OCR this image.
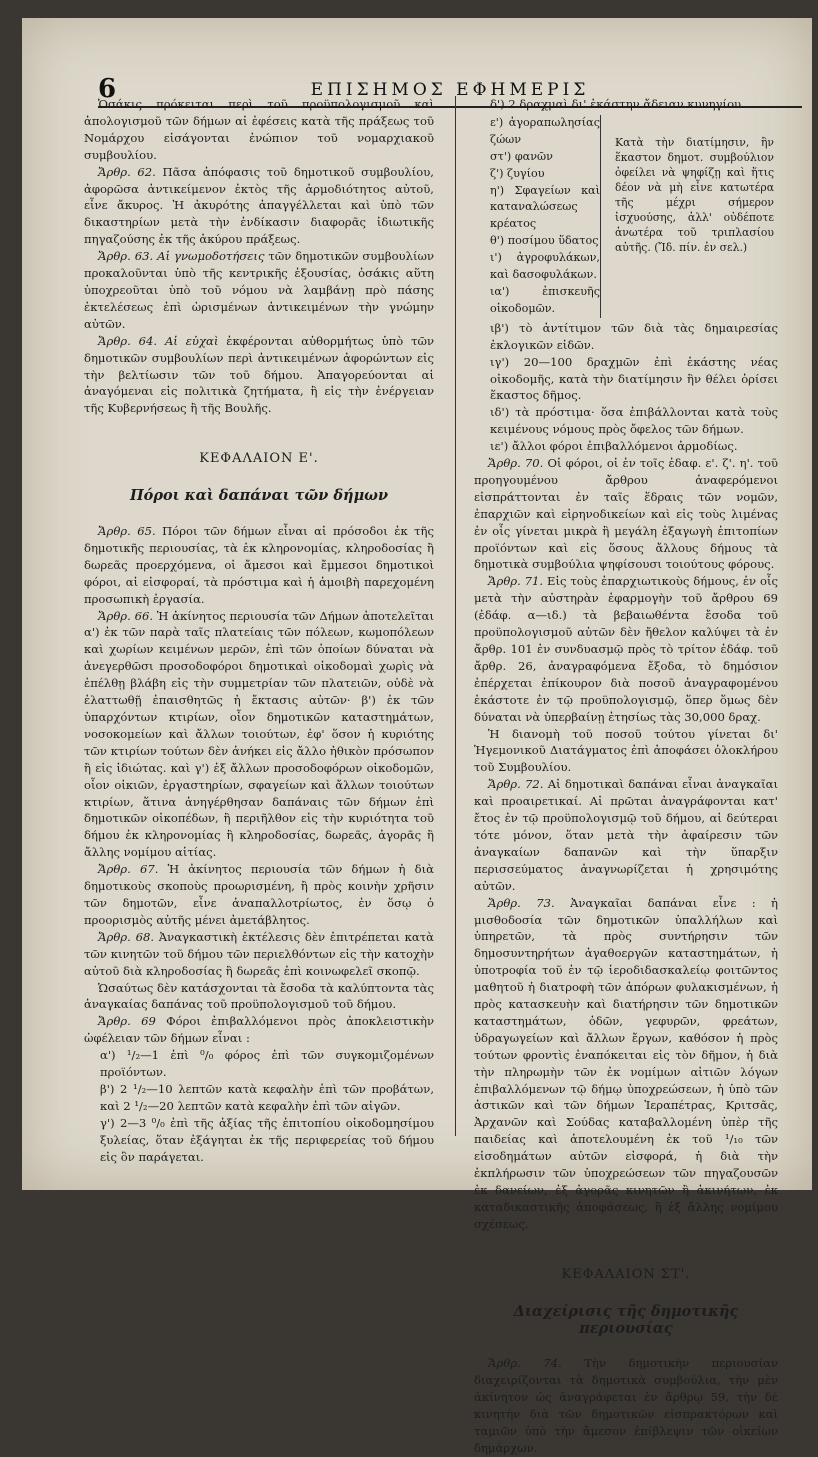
6	ΕΠΙΣΗΜΟΣ ΕΦΗΜΕΡΙΣ

Ὁσάκις πρόκειται περὶ τοῦ προϋπολογισμοῦ καὶ ἀπολογισμοῦ τῶν δήμων αἱ ἐφέσεις κατὰ τῆς πράξεως τοῦ Νομάρχου εἰσάγονται ἐνώπιον τοῦ νομαρχιακοῦ συμβουλίου.

Ἄρθρ. 62. Πᾶσα ἀπόφασις τοῦ δημοτικοῦ συμβουλίου, ἀφορῶσα ἀντικείμενον ἐκτὸς τῆς ἁρμοδιότητος αὐτοῦ, εἶνε ἄκυρος. Ἡ ἀκυρότης ἀπαγγέλλεται καὶ ὑπὸ τῶν δικαστηρίων μετὰ τὴν ἐνδίκασιν διαφορᾶς ἰδιωτικῆς πηγαζούσης ἐκ τῆς ἀκύρου πράξεως.

Ἄρθρ. 63. Αἱ γνωμοδοτήσεις τῶν δημοτικῶν συμβουλίων προκαλοῦνται ὑπὸ τῆς κεντρικῆς ἐξουσίας, ὁσάκις αὕτη ὑποχρεοῦται ὑπὸ τοῦ νόμου νὰ λαμβάνῃ πρὸ πάσης ἐκτελέσεως ἐπὶ ὡρισμένων ἀντικειμένων τὴν γνώμην αὐτῶν.

Ἄρθρ. 64. Αἱ εὐχαὶ ἐκφέρονται αὐθορμήτως ὑπὸ τῶν δημοτικῶν συμβουλίων περὶ ἀντικειμένων ἀφορώντων εἰς τὴν βελτίωσιν τῶν τοῦ δήμου. Ἀπαγορεύονται αἱ ἀναγόμεναι εἰς πολιτικὰ ζητήματα, ἢ εἰς τὴν ἐνέργειαν τῆς Κυβερνήσεως ἢ τῆς Βουλῆς.

ΚΕΦΑΛΑΙΟΝ Ε'.

Πόροι καὶ δαπάναι τῶν δήμων

Ἄρθρ. 65. Πόροι τῶν δήμων εἶναι αἱ πρόσοδοι ἐκ τῆς δημοτικῆς περιουσίας, τὰ ἐκ κληρονομίας, κληροδοσίας ἢ δωρεᾶς προερχόμενα, οἱ ἄμεσοι καὶ ἔμμεσοι δημοτικοὶ φόροι, αἱ εἰσφοραί, τὰ πρόστιμα καὶ ἡ ἀμοιβὴ παρεχομένη προσωπικὴ ἐργασία.

Ἄρθρ. 66. Ἡ ἀκίνητος περιουσία τῶν Δήμων ἀποτελεῖται α') ἐκ τῶν παρὰ ταῖς πλατείαις τῶν πόλεων, κωμοπόλεων καὶ χωρίων κειμένων μερῶν, ἐπὶ τῶν ὁποίων δύναται νὰ ἀνεγερθῶσι προσοδοφόροι δημοτικαὶ οἰκοδομαὶ χωρὶς νὰ ἐπέλθῃ βλάβη εἰς τὴν συμμετρίαν τῶν πλατειῶν, οὐδὲ νὰ ἐλαττωθῇ ἐπαισθητῶς ἡ ἔκτασις αὐτῶν· β') ἐκ τῶν ὑπαρχόντων κτιρίων, οἷον δημοτικῶν καταστημάτων, νοσοκομείων καὶ ἄλλων τοιούτων, ἐφ' ὅσον ἡ κυριότης τῶν κτιρίων τούτων δὲν ἀνήκει εἰς ἄλλο ἠθικὸν πρόσωπον ἢ εἰς ἰδιώτας. καὶ γ') ἐξ ἄλλων προσοδοφόρων οἰκοδομῶν, οἷον οἰκιῶν, ἐργαστηρίων, σφαγείων καὶ ἄλλων τοιούτων κτιρίων, ἅτινα ἀνηγέρθησαν δαπάναις τῶν δήμων ἐπὶ δημοτικῶν οἰκοπέδων, ἢ περιῆλθον εἰς τὴν κυριότητα τοῦ δήμου ἐκ κληρονομίας ἢ κληροδοσίας, δωρεᾶς, ἀγορᾶς ἢ ἄλλης νομίμου αἰτίας.

Ἄρθρ. 67. Ἡ ἀκίνητος περιουσία τῶν δήμων ἡ διὰ δημοτικοὺς σκοποὺς προωρισμένη, ἢ πρὸς κοινὴν χρῆσιν τῶν δημοτῶν, εἶνε ἀναπαλλοτρίωτος, ἐν ὅσῳ ὁ προορισμὸς αὐτῆς μένει ἀμετάβλητος.

Ἄρθρ. 68. Ἀναγκαστικὴ ἐκτέλεσις δὲν ἐπιτρέπεται κατὰ τῶν κινητῶν τοῦ δήμου τῶν περιελθόντων εἰς τὴν κατοχὴν αὐτοῦ διὰ κληροδοσίας ἢ δωρεᾶς ἐπὶ κοινωφελεῖ σκοπῷ.

Ὡσαύτως δὲν κατάσχονται τὰ ἔσοδα τὰ καλύπτοντα τὰς ἀναγκαίας δαπάνας τοῦ προϋπολογισμοῦ τοῦ δήμου.

Ἄρθρ. 69 Φόροι ἐπιβαλλόμενοι πρὸς ἀποκλειστικὴν ὠφέλειαν τῶν δήμων εἶναι :

α') ¹/₂—1 ἐπὶ ⁰/₀ φόρος ἐπὶ τῶν συγκομιζομένων προϊόντων.

β') 2 ¹/₂—10 λεπτῶν κατὰ κεφαλὴν ἐπὶ τῶν προβάτων, καὶ 2 ¹/₂—20 λεπτῶν κατὰ κεφαλὴν ἐπὶ τῶν αἰγῶν.

γ') 2—3 ⁰/₀ ἐπὶ τῆς ἀξίας τῆς ἐπιτοπίου οἰκοδομησίμου ξυλείας, ὅταν ἐξάγηται ἐκ τῆς περιφερείας τοῦ δήμου εἰς ὃν παράγεται.

δ') 2 δραχμαὶ δι' ἑκάστην ἄδειαν κυνηγίου.

ε') ἀγοραπωλησίας ζώων

στ') φανῶν

ζ') ζυγίου

η') Σφαγείων καὶ καταναλώσεως κρέατος

θ') ποσίμου ὕδατος

ι') ἀγροφυλάκων, καὶ δασοφυλάκων.

ια') ἐπισκευῆς οἰκοδομῶν.

Κατὰ τὴν διατίμησιν, ἣν ἕκαστον δημοτ. συμβούλιον ὀφείλει νὰ ψηφίζῃ καὶ ἥτις δέον νὰ μὴ εἶνε κατωτέρα τῆς μέχρι σήμερον ἰσχυούσης, ἀλλ' οὐδέποτε ἀνωτέρα τοῦ τριπλασίου αὐτῆς. (Ἴδ. πίν. ἐν σελ.)

ιβ') τὸ ἀντίτιμον τῶν διὰ τὰς δημαιρεσίας ἐκλογικῶν εἰδῶν.

ιγ') 20—100 δραχμῶν ἐπὶ ἑκάστης νέας οἰκοδομῆς, κατὰ τὴν διατίμησιν ἣν θέλει ὁρίσει ἕκαστος δῆμος.

ιδ') τὰ πρόστιμα· ὅσα ἐπιβάλλονται κατὰ τοὺς κειμένους νόμους πρὸς ὄφελος τῶν δήμων.

ιε') ἄλλοι φόροι ἐπιβαλλόμενοι ἁρμοδίως.

Ἄρθρ. 70. Οἱ φόροι, οἱ ἐν τοῖς ἐδαφ. ε'. ζ'. η'. τοῦ προηγουμένου ἄρθρου ἀναφερόμενοι εἰσπράττονται ἐν ταῖς ἕδραις τῶν νομῶν, ἐπαρχιῶν καὶ εἰρηνοδικείων καὶ εἰς τοὺς λιμένας ἐν οἷς γίνεται μικρὰ ἢ μεγάλη ἐξαγωγὴ ἐπιτοπίων προϊόντων καὶ εἰς ὅσους ἄλλους δήμους τὰ δημοτικὰ συμβούλια ψηφίσουσι τοιούτους φόρους.

Ἄρθρ. 71. Εἰς τοὺς ἐπαρχιωτικοὺς δήμους, ἐν οἷς μετὰ τὴν αὐστηρὰν ἐφαρμογὴν τοῦ ἄρθρου 69 (ἐδάφ. α—ιδ.) τὰ βεβαιωθέντα ἔσοδα τοῦ προϋπολογισμοῦ αὐτῶν δὲν ἤθελον καλύψει τὰ ἐν ἄρθρ. 101 ἐν συνδυασμῷ πρὸς τὸ τρίτον ἐδάφ. τοῦ ἄρθρ. 26, ἀναγραφόμενα ἔξοδα, τὸ δημόσιον ἐπέρχεται ἐπίκουρον διὰ ποσοῦ ἀναγραφομένου ἑκάστοτε ἐν τῷ προϋπολογισμῷ, ὅπερ ὅμως δὲν δύναται νὰ ὑπερβαίνῃ ἐτησίως τὰς 30,000 δραχ.

Ἡ διανομὴ τοῦ ποσοῦ τούτου γίνεται δι' Ἡγεμονικοῦ Διατάγματος ἐπὶ ἀποφάσει ὁλοκλήρου τοῦ Συμβουλίου.

Ἄρθρ. 72. Αἱ δημοτικαὶ δαπάναι εἶναι ἀναγκαῖαι καὶ προαιρετικαί. Αἱ πρῶται ἀναγράφονται κατ' ἔτος ἐν τῷ προϋπολογισμῷ τοῦ δήμου, αἱ δεύτεραι τότε μόνον, ὅταν μετὰ τὴν ἀφαίρεσιν τῶν ἀναγκαίων δαπανῶν καὶ τὴν ὕπαρξιν περισσεύματος ἀναγνωρίζεται ἡ χρησιμότης αὐτῶν.

Ἄρθρ. 73. Ἀναγκαῖαι δαπάναι εἶνε : ἡ μισθοδοσία τῶν δημοτικῶν ὑπαλλήλων καὶ ὑπηρετῶν, τὰ πρὸς συντήρησιν τῶν δημοσυντηρήτων ἀγαθοεργῶν καταστημάτων, ἡ ὑποτροφία τοῦ ἐν τῷ ἱεροδιδασκαλείῳ φοιτῶντος μαθητοῦ ἡ διατροφὴ τῶν ἀπόρων φυλακισμένων, ἡ πρὸς κατασκευὴν καὶ διατήρησιν τῶν δημοτικῶν καταστημάτων, ὁδῶν, γεφυρῶν, φρεάτων, ὑδραγωγείων καὶ ἄλλων ἔργων, καθόσον ἡ πρὸς τούτων φροντὶς ἐναπόκειται εἰς τὸν δῆμον, ἡ διὰ τὴν πληρωμὴν τῶν ἐκ νομίμων αἰτιῶν λόγων ἐπιβαλλόμενων τῷ δήμῳ ὑποχρεώσεων, ἡ ὑπὸ τῶν ἀστικῶν καὶ τῶν δήμων Ἱεραπέτρας, Κριτσᾶς, Ἀρχανῶν καὶ Σούδας καταβαλλομένη ὑπὲρ τῆς παιδείας καὶ ἀποτελουμένη ἐκ τοῦ ¹/₁₀ τῶν εἰσοδημάτων αὐτῶν εἰσφορά, ἡ διὰ τὴν ἐκπλήρωσιν τῶν ὑποχρεώσεων τῶν πηγαζουσῶν ἐκ δανείων, ἐξ ἀγορᾶς κινητῶν ἢ ἀκινήτων, ἐκ καταδικαστικῆς ἀποφάσεως, ἢ ἐξ ἄλλης νομίμου σχέσεως.

ΚΕΦΑΛΑΙΟΝ ΣΤ'.

Διαχείρισις τῆς δημοτικῆς περιουσίας

Ἄρθρ. 74. Τὴν δημοτικὴν περιουσίαν διαχειρίζονται τὰ δημοτικὰ συμβούλια, τὴν μὲν ἀκίνητον ὡς ἀναγράφεται ἐν ἄρθρῳ 59, τὴν δὲ κινητὴν διὰ τῶν δημοτικῶν εἰσπρακτόρων καὶ ταμιῶν ὑπὸ τὴν ἄμεσον ἐπίβλεψιν τῶν οἰκείων δημάρχων.
